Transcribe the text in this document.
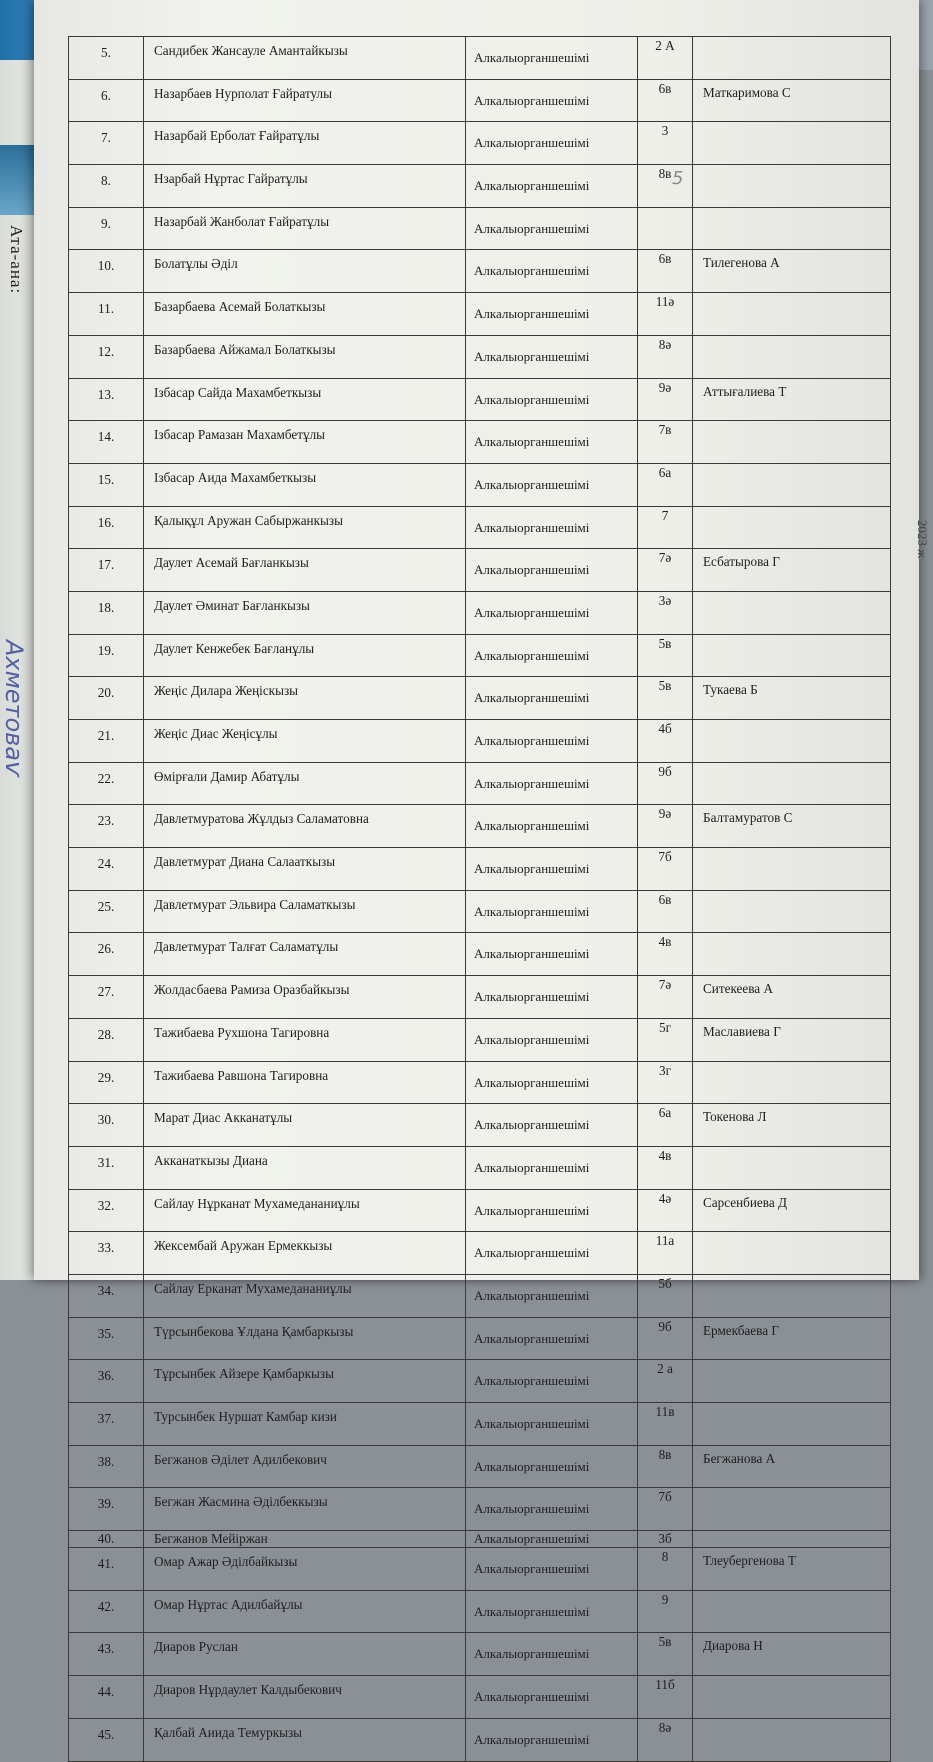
Ата-ана:
Ахметоваѵ
2023 ж
5.	Сандибек Жансауле Амантайкызы	Алкалыорганшешімі	2 А	
6.	Назарбаев Нурполат Ғайратулы	Алкалыорганшешімі	6в	Маткаримова С
7.	Назарбай Ерболат Ғайратұлы	Алкалыорганшешімі	3	
8.	Нзарбай Нұртас Гайратұлы	Алкалыорганшешімі	8в	
9.	Назарбай Жанболат Ғайратұлы	Алкалыорганшешімі		
10.	Болатұлы Әділ	Алкалыорганшешімі	6в	Тилегенова А
11.	Базарбаева Асемай Болаткызы	Алкалыорганшешімі	11ә	
12.	Базарбаева Айжамал Болаткызы	Алкалыорганшешімі	8ә	
13.	Ізбасар Сайда Махамбеткызы	Алкалыорганшешімі	9ә	Аттығалиева Т
14.	Ізбасар Рамазан Махамбетұлы	Алкалыорганшешімі	7в	
15.	Ізбасар Аида Махамбеткызы	Алкалыорганшешімі	6а	
16.	Қалықұл Аружан Сабыржанкызы	Алкалыорганшешімі	7	
17.	Даулет Асемай Бағланкызы	Алкалыорганшешімі	7ә	Есбатырова Г
18.	Даулет Әминат Бағланкызы	Алкалыорганшешімі	3ә	
19.	Даулет Кенжебек Бағланұлы	Алкалыорганшешімі	5в	
20.	Жеңіс Дилара Жеңіскызы	Алкалыорганшешімі	5в	Тукаева Б
21.	Жеңіс Диас Жеңісұлы	Алкалыорганшешімі	4б	
22.	Өмірғали Дамир Абатұлы	Алкалыорганшешімі	9б	
23.	Давлетмуратова Жұлдыз Саламатовна	Алкалыорганшешімі	9ә	Балтамуратов С
24.	Давлетмурат Диана Салааткызы	Алкалыорганшешімі	7б	
25.	Давлетмурат Эльвира Саламаткызы	Алкалыорганшешімі	6в	
26.	Давлетмурат Талғат Саламатұлы	Алкалыорганшешімі	4в	
27.	Жолдасбаева Рамиза Оразбайкызы	Алкалыорганшешімі	7ә	Ситекеева А
28.	Тажибаева Рухшона Тагировна	Алкалыорганшешімі	5г	Маславиева Г
29.	Тажибаева Равшона Тагировна	Алкалыорганшешімі	3г	
30.	Марат Диас Акканатұлы	Алкалыорганшешімі	6а	Токенова Л
31.	Акканаткызы Диана	Алкалыорганшешімі	4в	
32.	Сайлау Нұрканат Мухамедананиұлы	Алкалыорганшешімі	4ә	Сарсенбиева Д
33.	Жексембай Аружан Ермеккызы	Алкалыорганшешімі	11а	
34.	Сайлау Ерканат Мухамедананиұлы	Алкалыорганшешімі	5б	
35.	Түрсынбекова Ұлдана Қамбаркызы	Алкалыорганшешімі	9б	Ермекбаева Г
36.	Тұрсынбек Айзере Қамбаркызы	Алкалыорганшешімі	2 а	
37.	Турсынбек Нуршат Камбар кизи	Алкалыорганшешімі	11в	
38.	Бегжанов Әділет Адилбекович	Алкалыорганшешімі	8в	Бегжанова А
39.	Бегжан Жасмина Әділбеккызы	Алкалыорганшешімі	7б	
40.	Бегжанов Мейіржан	Алкалыорганшешімі	3б	
41.	Омар Ажар Әділбайкызы	Алкалыорганшешімі	8	Тлеубергенова Т
42.	Омар Нұртас Адилбайұлы	Алкалыорганшешімі	9	
43.	Диаров Руслан	Алкалыорганшешімі	5в	Диарова Н
44.	Диаров Нұрдаулет Калдыбекович	Алкалыорганшешімі	11б	
45.	Қалбай Аиида Темуркызы	Алкалыорганшешімі	8ә	
5
